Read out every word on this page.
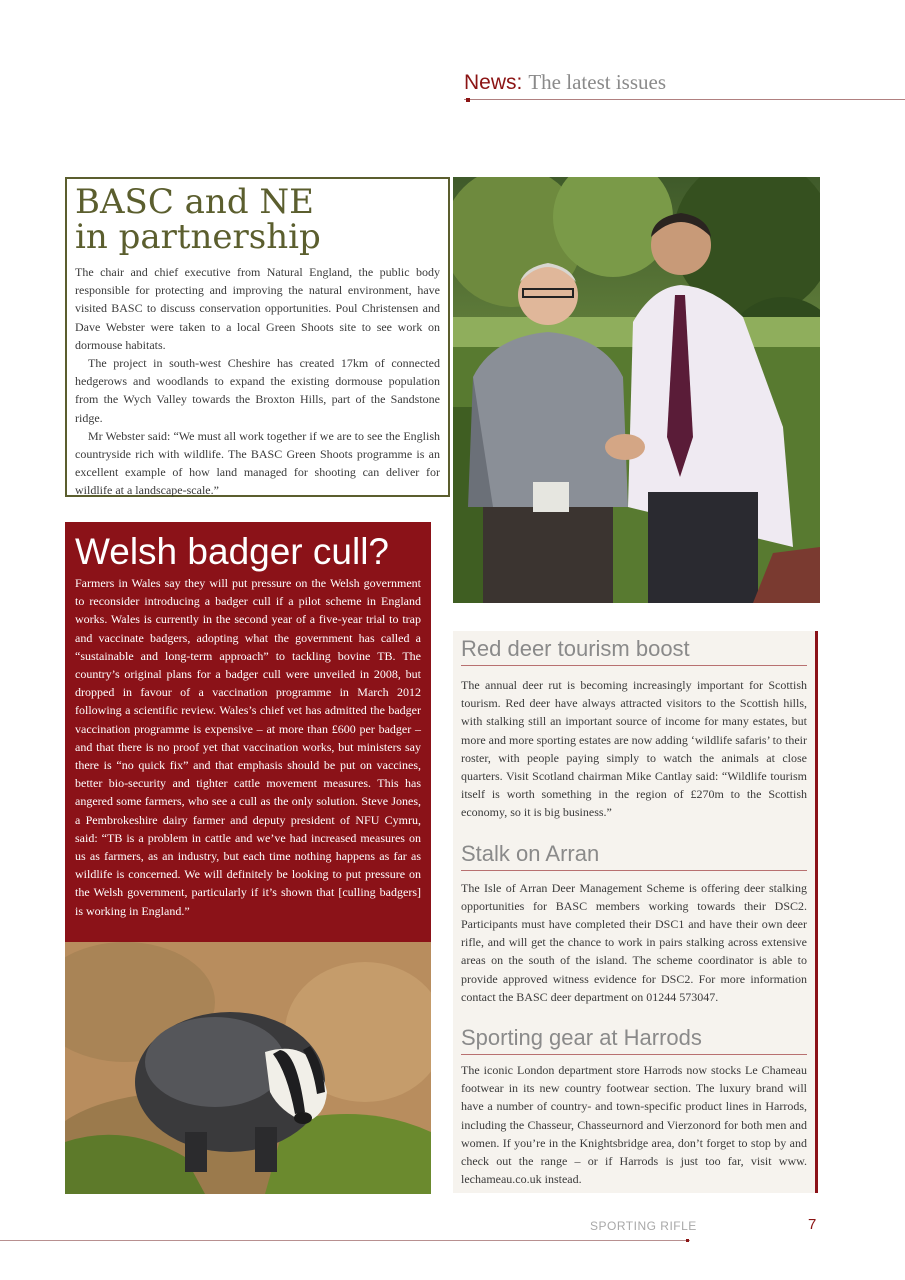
News: The latest issues
BASC and NE
in partnership

The chair and chief executive from Natural England, the public body responsible for protecting and improving the natural environment, have visited BASC to discuss conservation opportunities. Poul Christensen and Dave Webster were taken to a local Green Shoots site to see work on dormouse habitats.

The project in south-west Cheshire has created 17km of connected hedgerows and woodlands to expand the existing dormouse population from the Wych Valley towards the Broxton Hills, part of the Sandstone ridge.

Mr Webster said: “We must all work together if we are to see the English countryside rich with wildlife. The BASC Green Shoots programme is an excellent example of how land managed for shooting can deliver for wildlife at a landscape-scale.”

Welsh badger cull?

Farmers in Wales say they will put pressure on the Welsh government to reconsider introducing a badger cull if a pilot scheme in England works. Wales is currently in the second year of a five-year trial to trap and vaccinate badgers, adopting what the government has called a “sustainable and long-term approach” to tackling bovine TB. The country’s original plans for a badger cull were unveiled in 2008, but dropped in favour of a vaccination programme in March 2012 following a scientific review. Wales’s chief vet has admitted the badger vaccination programme is expensive – at more than £600 per badger – and that there is no proof yet that vaccination works, but ministers say there is “no quick fix” and that emphasis should be put on vaccines, better bio-security and tighter cattle movement measures. This has angered some farmers, who see a cull as the only solution. Steve Jones, a Pembrokeshire dairy farmer and deputy president of NFU Cymru, said: “TB is a problem in cattle and we’ve had increased measures on us as farmers, as an industry, but each time nothing happens as far as wildlife is concerned. We will definitely be looking to put pressure on the Welsh government, particularly if it’s shown that [culling badgers] is working in England.”

Red deer tourism boost

The annual deer rut is becoming increasingly important for Scottish tourism. Red deer have always attracted visitors to the Scottish hills, with stalking still an important source of income for many estates, but more and more sporting estates are now adding ‘wildlife safaris’ to their roster, with people paying simply to watch the animals at close quarters. Visit Scotland chairman Mike Cantlay said: “Wildlife tourism itself is worth something in the region of £270m to the Scottish economy, so it is big business.”

Stalk on Arran

The Isle of Arran Deer Management Scheme is offering deer stalking opportunities for BASC members working towards their DSC2. Participants must have completed their DSC1 and have their own deer rifle, and will get the chance to work in pairs stalking across extensive areas on the south of the island. The scheme coordinator is able to provide approved witness evidence for DSC2. For more information contact the BASC deer department on 01244 573047.

Sporting gear at Harrods

The iconic London department store Harrods now stocks Le Chameau footwear in its new country footwear section. The luxury brand will have a number of country- and town-specific product lines in Harrods, including the Chasseur, Chasseurnord and Vierzonord for both men and women. If you’re in the Knightsbridge area, don’t forget to stop by and check out the range – or if Harrods is just too far, visit www. lechameau.co.uk instead.

SPORTING RIFLE	7
